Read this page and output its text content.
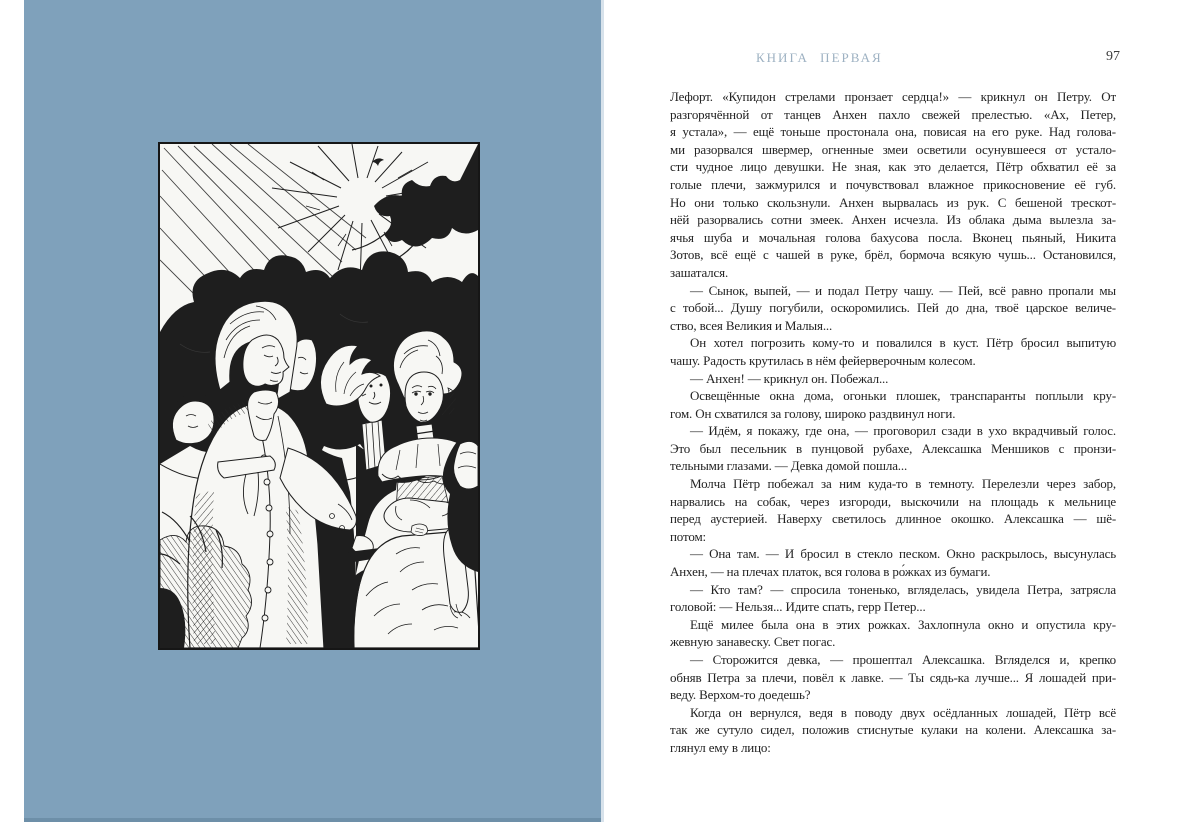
КНИГА ПЕРВАЯ	97
Лефорт. «Купидон стрелами пронзает сердца!» — крикнул он Петру. От
разгорячённой от танцев Анхен пахло свежей прелестью. «Ах, Петер,
я устала», — ещё тоньше простонала она, повисая на его руке. Над голова-
ми разорвался швермер, огненные змеи осветили осунувшееся от устало-
сти чудное лицо девушки. Не зная, как это делается, Пётр обхватил её за
голые плечи, зажмурился и почувствовал влажное прикосновение её губ.
Но они только скользнули. Анхен вырвалась из рук. С бешеной трескот-
нёй разорвались сотни змеек. Анхен исчезла. Из облака дыма вылезла за-
ячья шуба и мочальная голова бахусова посла. Вконец пьяный, Никита
Зотов, всё ещё с чашей в руке, брёл, бормоча всякую чушь... Остановился,
зашатался.
— Сынок, выпей, — и подал Петру чашу. — Пей, всё равно пропали мы
с тобой... Душу погубили, оскоромились. Пей до дна, твоё царское величе-
ство, всея Великия и Малыя...
Он хотел погрозить кому-то и повалился в куст. Пётр бросил выпитую
чашу. Радость крутилась в нём фейерверочным колесом.
— Анхен! — крикнул он. Побежал...
Освещённые окна дома, огоньки плошек, транспаранты поплыли кру-
гом. Он схватился за голову, широко раздвинул ноги.
— Идём, я покажу, где она, — проговорил сзади в ухо вкрадчивый голос.
Это был песельник в пунцовой рубахе, Алексашка Меншиков с пронзи-
тельными глазами. — Девка домой пошла...
Молча Пётр побежал за ним куда-то в темноту. Перелезли через забор,
нарвались на собак, через изгороди, выскочили на площадь к мельнице
перед аустерией. Наверху светилось длинное окошко. Алексашка — шё-
потом:
— Она там. — И бросил в стекло песком. Окно раскрылось, высунулась
Анхен, — на плечах платок, вся голова в ро́жках из бумаги.
— Кто там? — спросила тоненько, вгляделась, увидела Петра, затрясла
головой: — Нельзя... Идите спать, герр Петер...
Ещё милее была она в этих рожках. Захлопнула окно и опустила кру-
жевную занавеску. Свет погас.
— Сторожится девка, — прошептал Алексашка. Вгляделся и, крепко
обняв Петра за плечи, повёл к лавке. — Ты сядь-ка лучше... Я лошадей при-
веду. Верхом-то доедешь?
Когда он вернулся, ведя в поводу двух осёдланных лошадей, Пётр всё
так же сутуло сидел, положив стиснутые кулаки на колени. Алексашка за-
глянул ему в лицо:
